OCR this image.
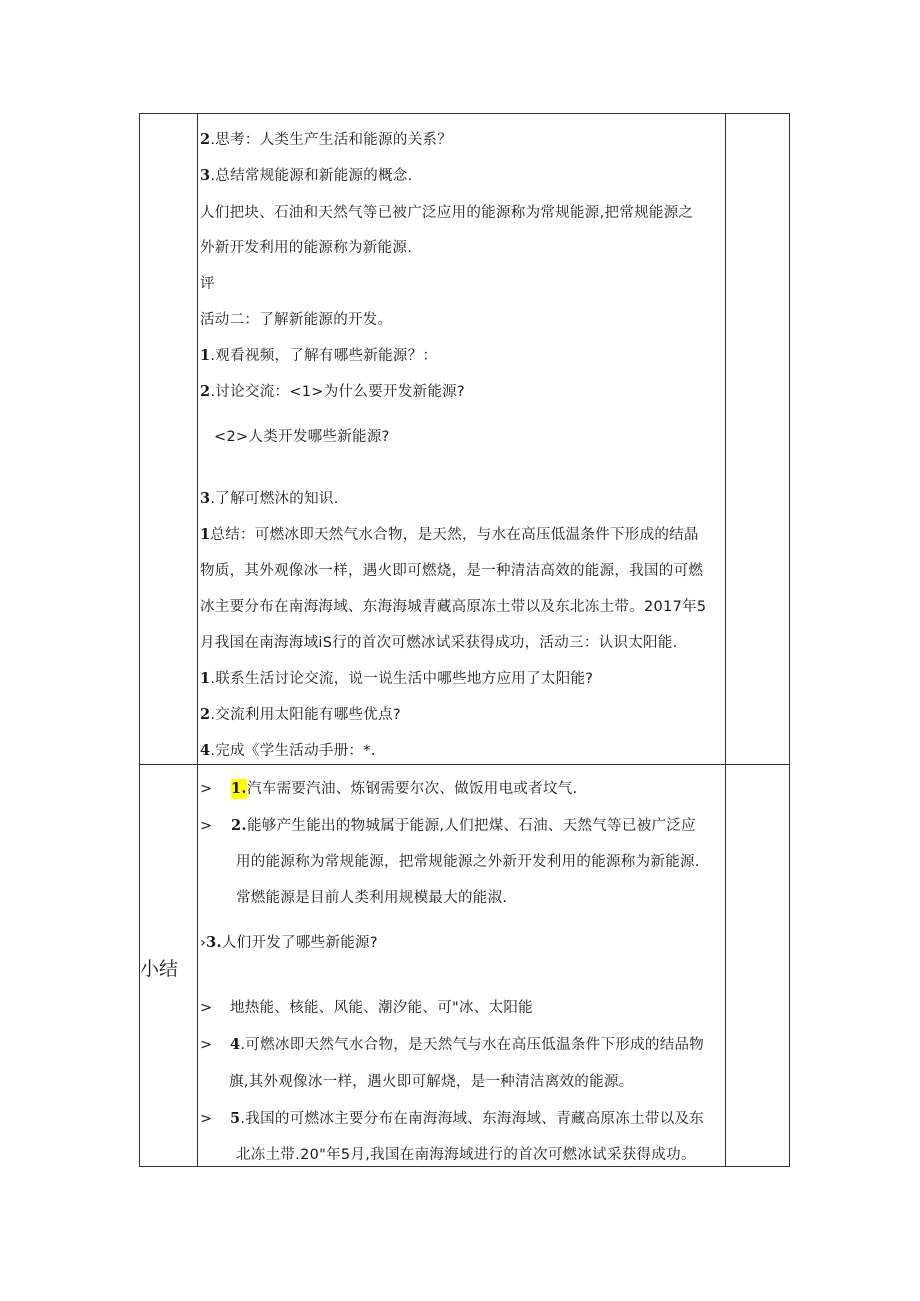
2.思考：人类生产生活和能源的关系？
3.总结常规能源和新能源的概念.
人们把块、石油和天然气等已被广泛应用的能源称为常规能源,把常规能源之
外新开发利用的能源称为新能源.
评
活动二：了解新能源的开发。
1.观看视频，了解有哪些新能源？：
2.讨论交流：<1>为什么要开发新能源?
<2>人类开发哪些新能源?
3.了解可燃沐的知识.
1总结：可燃冰即天然气水合物，是天然，与水在高压低温条件下形成的结晶
物质，其外观像冰一样，遇火即可燃烧，是一种清洁高效的能源，我国的可燃
冰主要分布在南海海域、东海海城青藏高原冻土带以及东北冻土带。2017年5
月我国在南海海域iS行的首次可燃冰试采获得成功，活动三：认识太阳能.
1.联系生活讨论交流，说一说生活中哪些地方应用了太阳能?
2.交流利用太阳能有哪些优点?
4.完成《学生活动手册：*.
小结
> 1. 汽车需要汽油、炼钢需要尔次、做饭用电或者坟气.
> 2. 能够产生能出的物城属于能源,人们把煤、石油、天然气等已被广泛应
用的能源称为常规能源，把常规能源之外新开发利用的能源称为新能源.
常燃能源是目前人类利用规模最大的能淑.
›3.人们开发了哪些新能源?
> 地热能、核能、风能、潮汐能、可"冰、太阳能
> 4.可燃冰即天然气水合物，是天然气与水在高压低温条件下形成的结品物
旗,其外观像冰一样，遇火即可解烧，是一种清洁离效的能源。
> 5.我国的可燃冰主要分布在南海海域、东海海域、青藏高原冻土带以及东
北冻土带.20"年5月,我国在南海海域进行的首次可燃冰试采获得成功。
